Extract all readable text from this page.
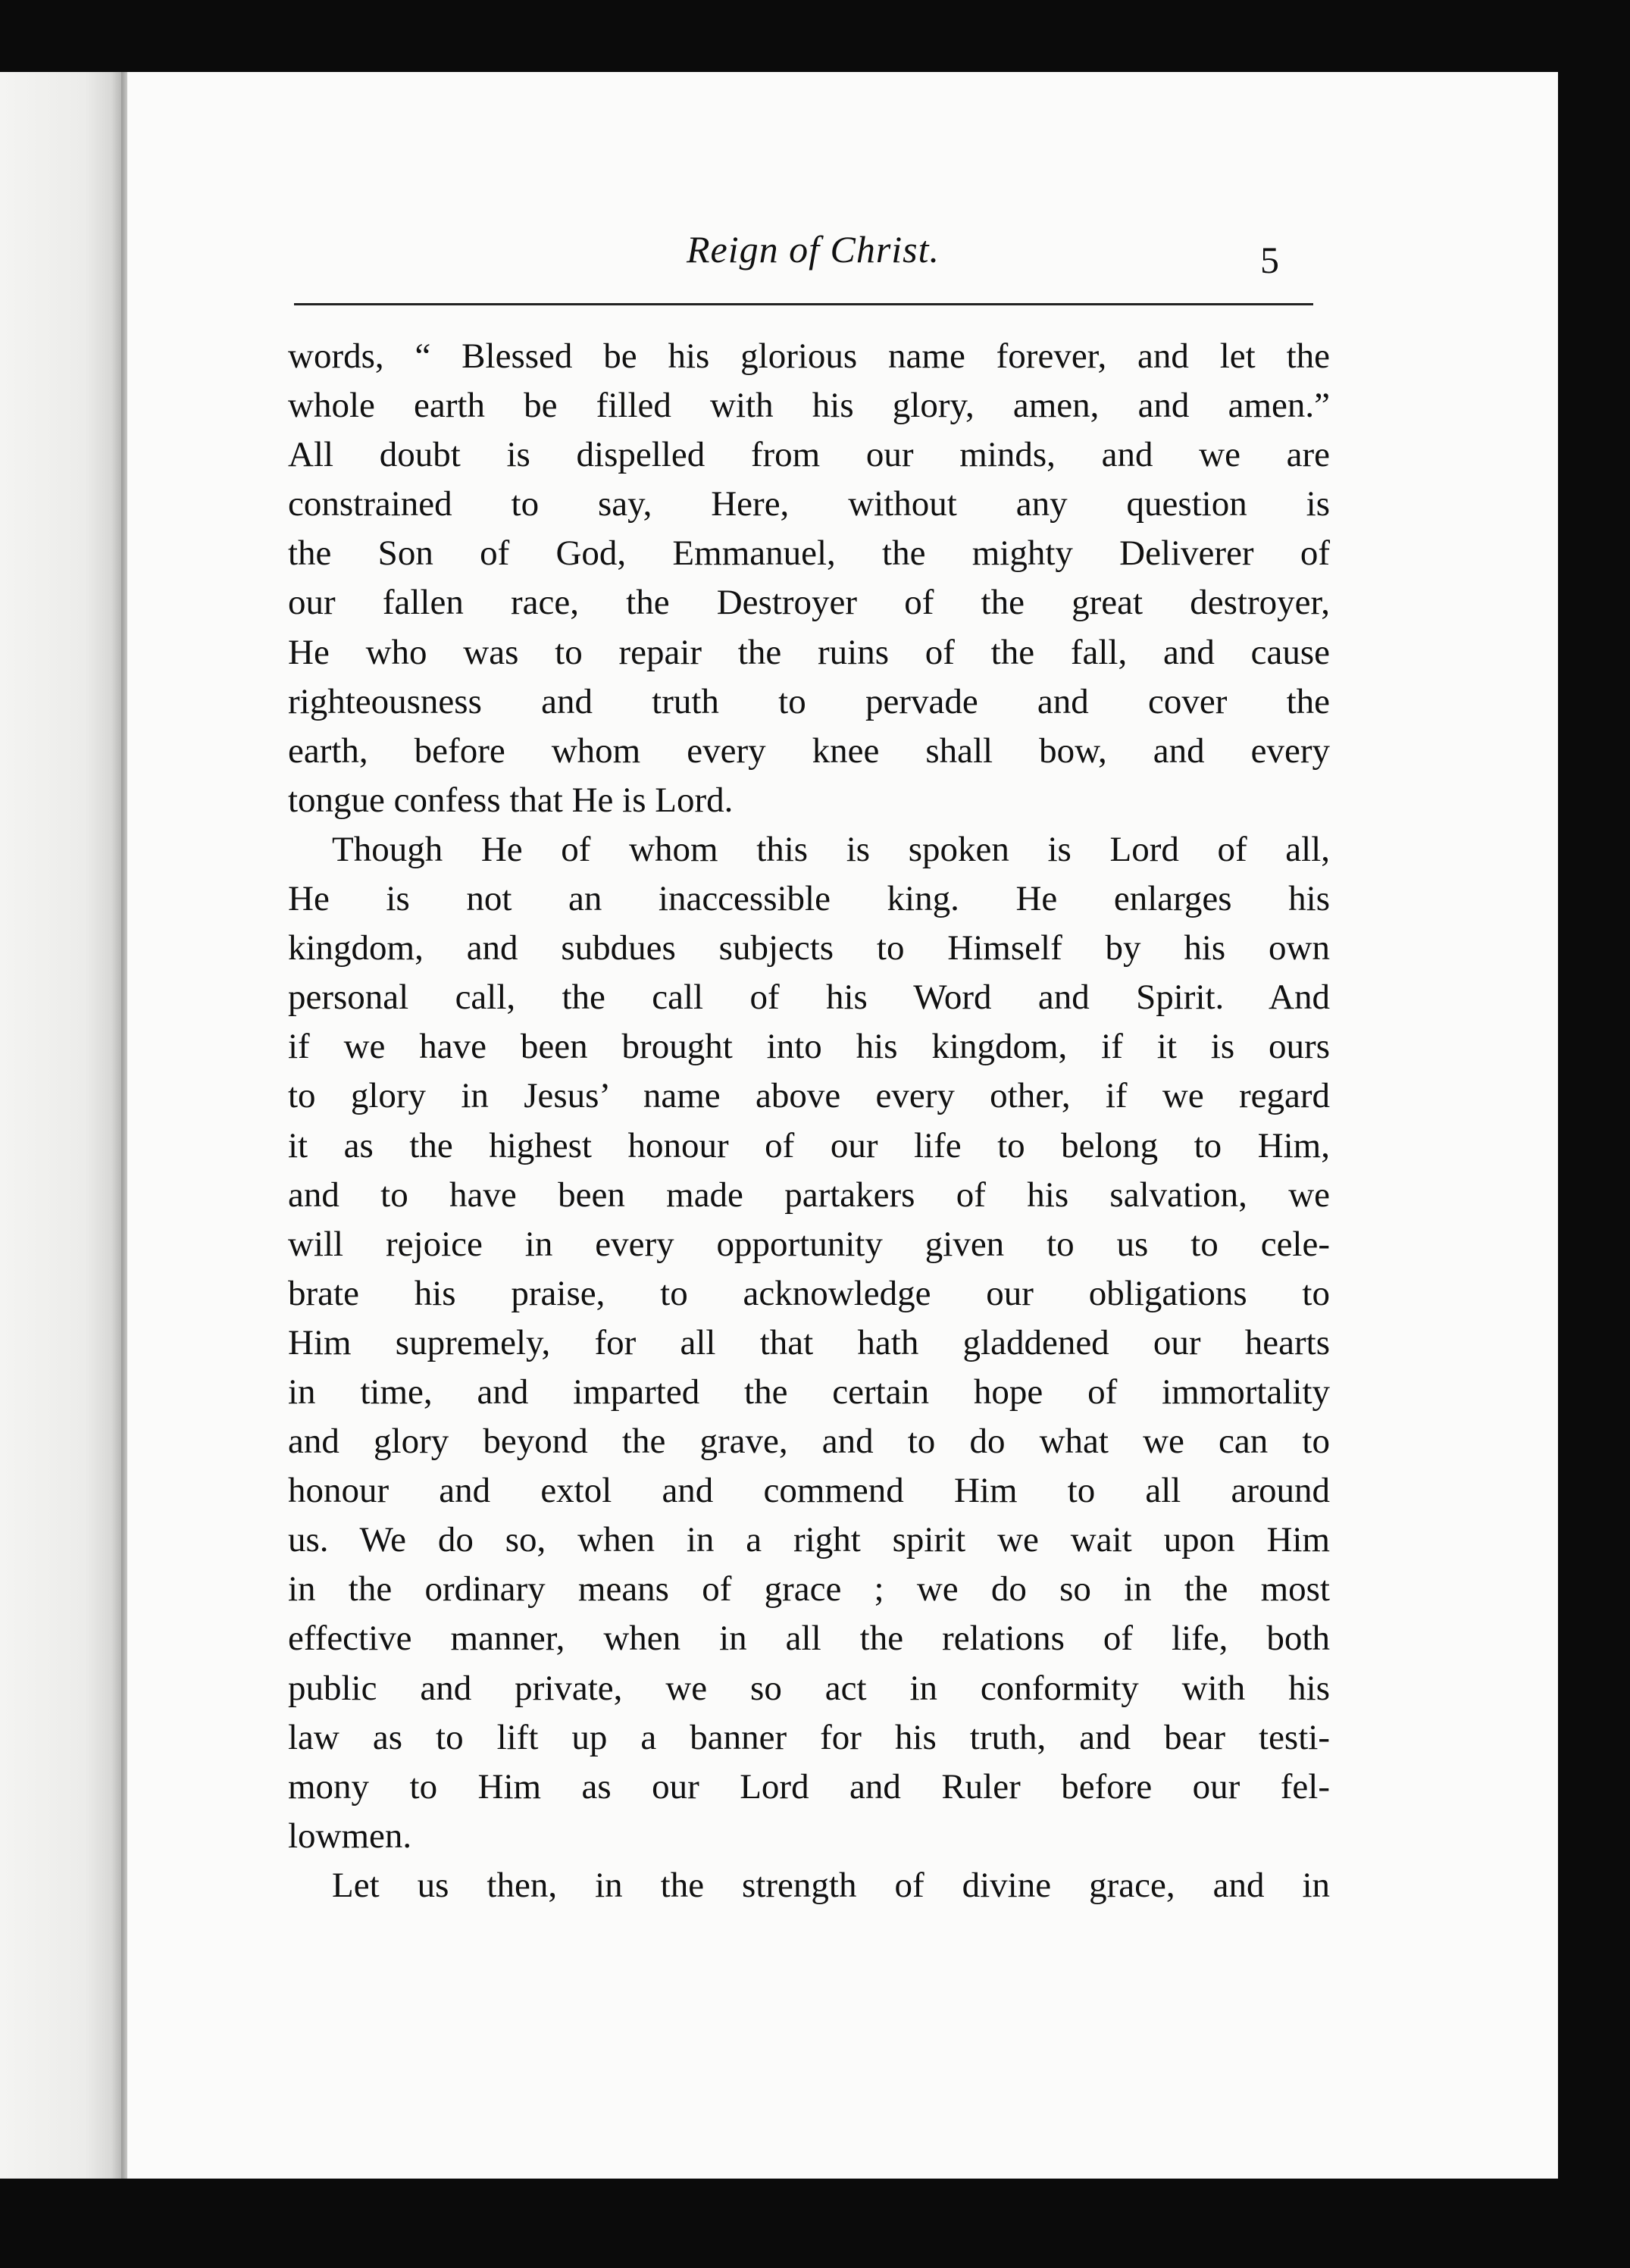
Reign of Christ.	5
words, “ Blessed be his glorious name forever, and let the
whole earth be filled with his glory, amen, and amen.”
All doubt is dispelled from our minds, and we are
constrained to say, Here, without any question is
the Son of God, Emmanuel, the mighty Deliverer of
our fallen race, the Destroyer of the great destroyer,
He who was to repair the ruins of the fall, and cause
righteousness and truth to pervade and cover the
earth, before whom every knee shall bow, and every
tongue confess that He is Lord.
Though He of whom this is spoken is Lord of all,
He is not an inaccessible king. He enlarges his
kingdom, and subdues subjects to Himself by his own
personal call, the call of his Word and Spirit. And
if we have been brought into his kingdom, if it is ours
to glory in Jesus’ name above every other, if we regard
it as the highest honour of our life to belong to Him,
and to have been made partakers of his salvation, we
will rejoice in every opportunity given to us to cele-
brate his praise, to acknowledge our obligations to
Him supremely, for all that hath gladdened our hearts
in time, and imparted the certain hope of immortality
and glory beyond the grave, and to do what we can to
honour and extol and commend Him to all around
us. We do so, when in a right spirit we wait upon Him
in the ordinary means of grace ; we do so in the most
effective manner, when in all the relations of life, both
public and private, we so act in conformity with his
law as to lift up a banner for his truth, and bear testi-
mony to Him as our Lord and Ruler before our fel-
lowmen.
Let us then, in the strength of divine grace, and in
